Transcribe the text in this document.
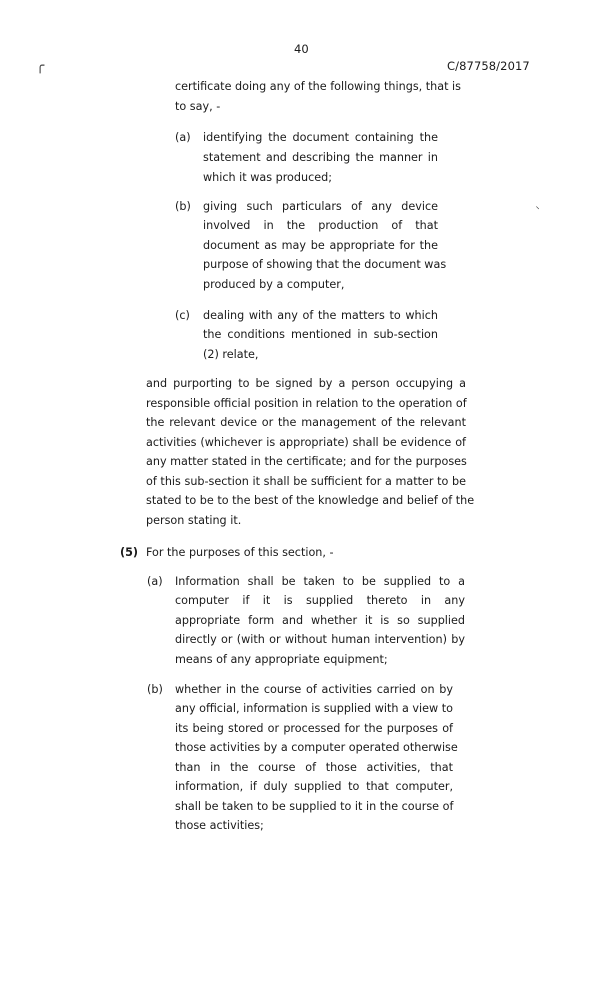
40
C/87758/2017
╭
–
certificate doing any of the following things, that is
to say, -
(a) identifying the document containing the
statement and describing the manner in
which it was produced;
(b) giving such particulars of any device
involved in the production of that
document as may be appropriate for the
purpose of showing that the document was
produced by a computer,
(c) dealing with any of the matters to which
the conditions mentioned in sub-section
(2) relate,
and purporting to be signed by a person occupying a
responsible official position in relation to the operation of
the relevant device or the management of the relevant
activities (whichever is appropriate) shall be evidence of
any matter stated in the certificate; and for the purposes
of this sub-section it shall be sufficient for a matter to be
stated to be to the best of the knowledge and belief of the
person stating it.
(5) For the purposes of this section, -
(a) Information shall be taken to be supplied to a
computer if it is supplied thereto in any
appropriate form and whether it is so supplied
directly or (with or without human intervention) by
means of any appropriate equipment;
(b) whether in the course of activities carried on by
any official, information is supplied with a view to
its being stored or processed for the purposes of
those activities by a computer operated otherwise
than in the course of those activities, that
information, if duly supplied to that computer,
shall be taken to be supplied to it in the course of
those activities;
